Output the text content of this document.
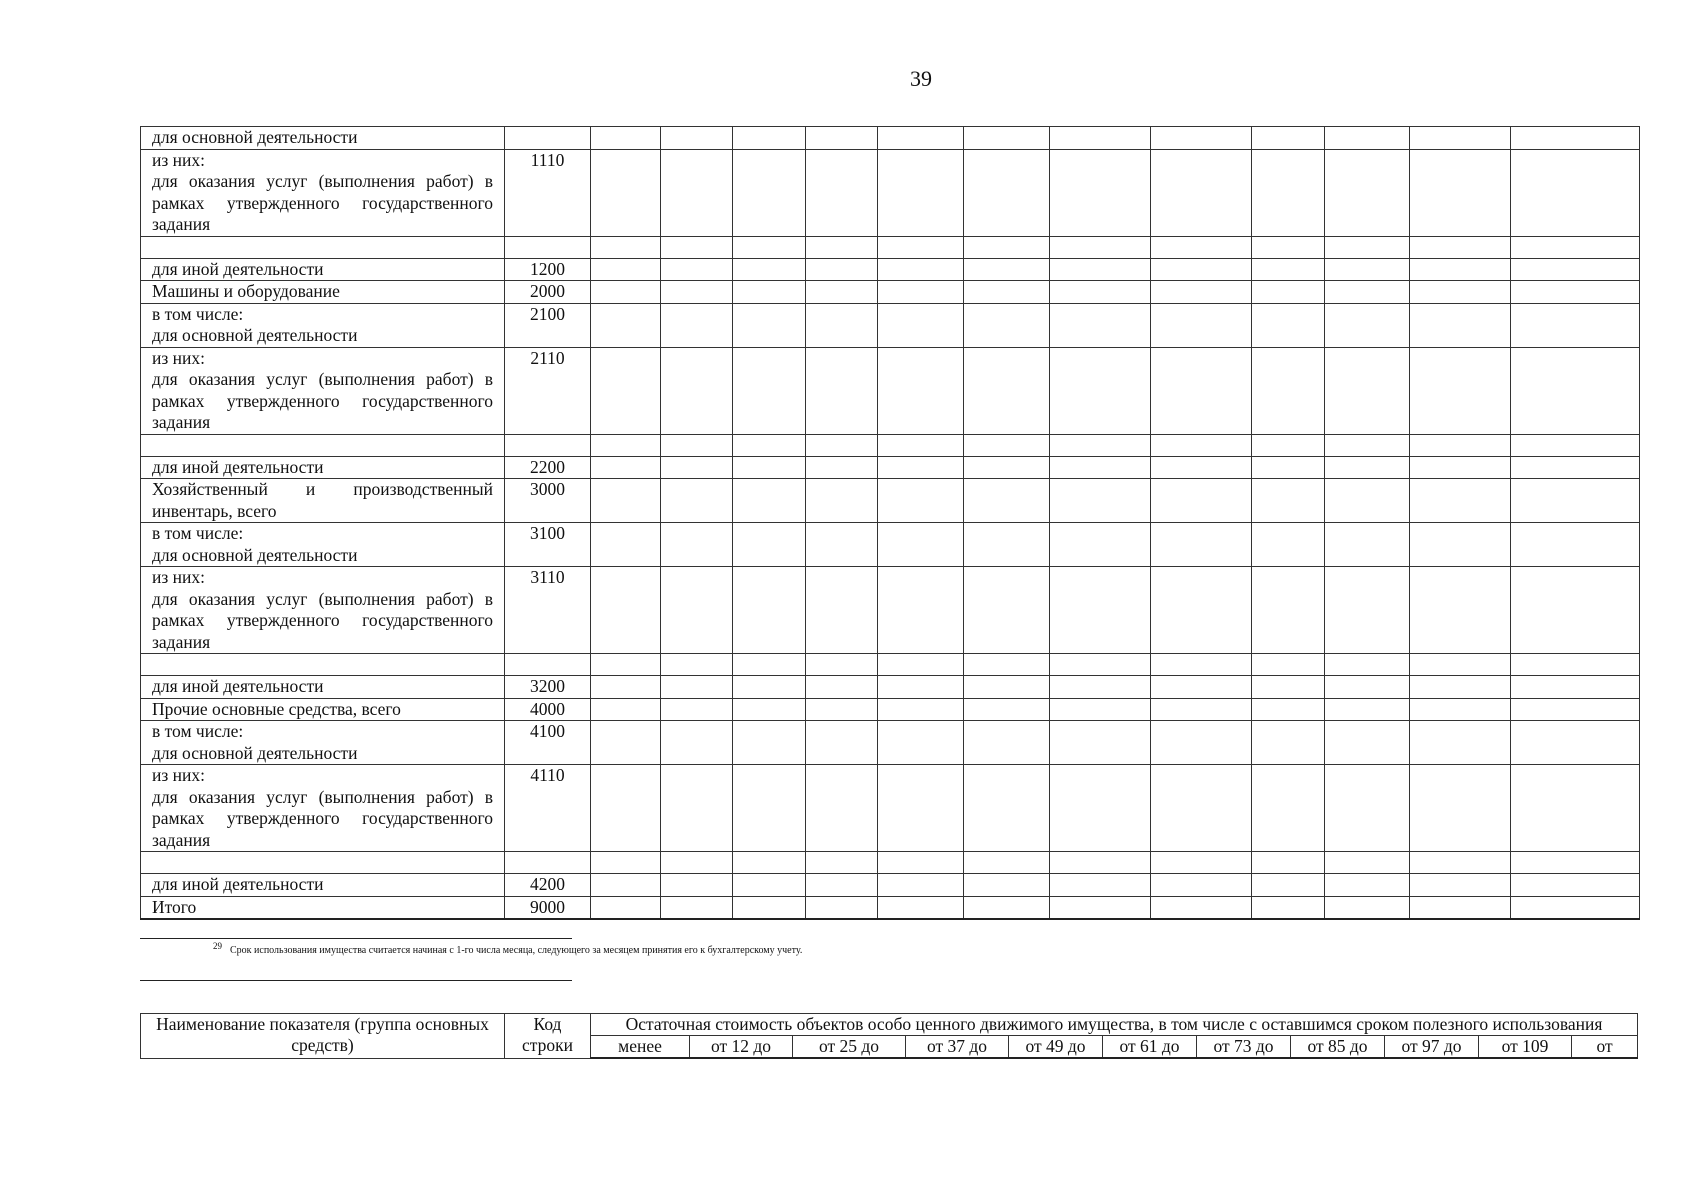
39
для основной деятельности													
из них:
для оказания услуг (выполнения работ) в рамках утвержденного государственного задания	1110												

для иной деятельности	1200												
Машины и оборудование	2000												
в том числе:
для основной деятельности	2100												
из них:
для оказания услуг (выполнения работ) в рамках утвержденного государственного задания	2110												

для иной деятельности	2200												
Хозяйственный и производственный инвентарь, всего	3000												
в том числе:
для основной деятельности	3100												
из них:
для оказания услуг (выполнения работ) в рамках утвержденного государственного задания	3110												

для иной деятельности	3200												
Прочие основные средства, всего	4000												
в том числе:
для основной деятельности	4100												
из них:
для оказания услуг (выполнения работ) в рамках утвержденного государственного задания	4110												

для иной деятельности	4200												
Итого	9000												
$^{29}$ Срок использования имущества считается начиная с 1-го числа месяца, следующего за месяцем принятия его к бухгалтерскому учету.
Наименование показателя (группа основных средств)	Код строки	Остаточная стоимость объектов особо ценного движимого имущества, в том числе с оставшимся сроком полезного использования										
		менее	от 12 до	от 25 до	от 37 до	от 49 до	от 61 до	от 73 до	от 85 до	от 97 до	от 109	от
